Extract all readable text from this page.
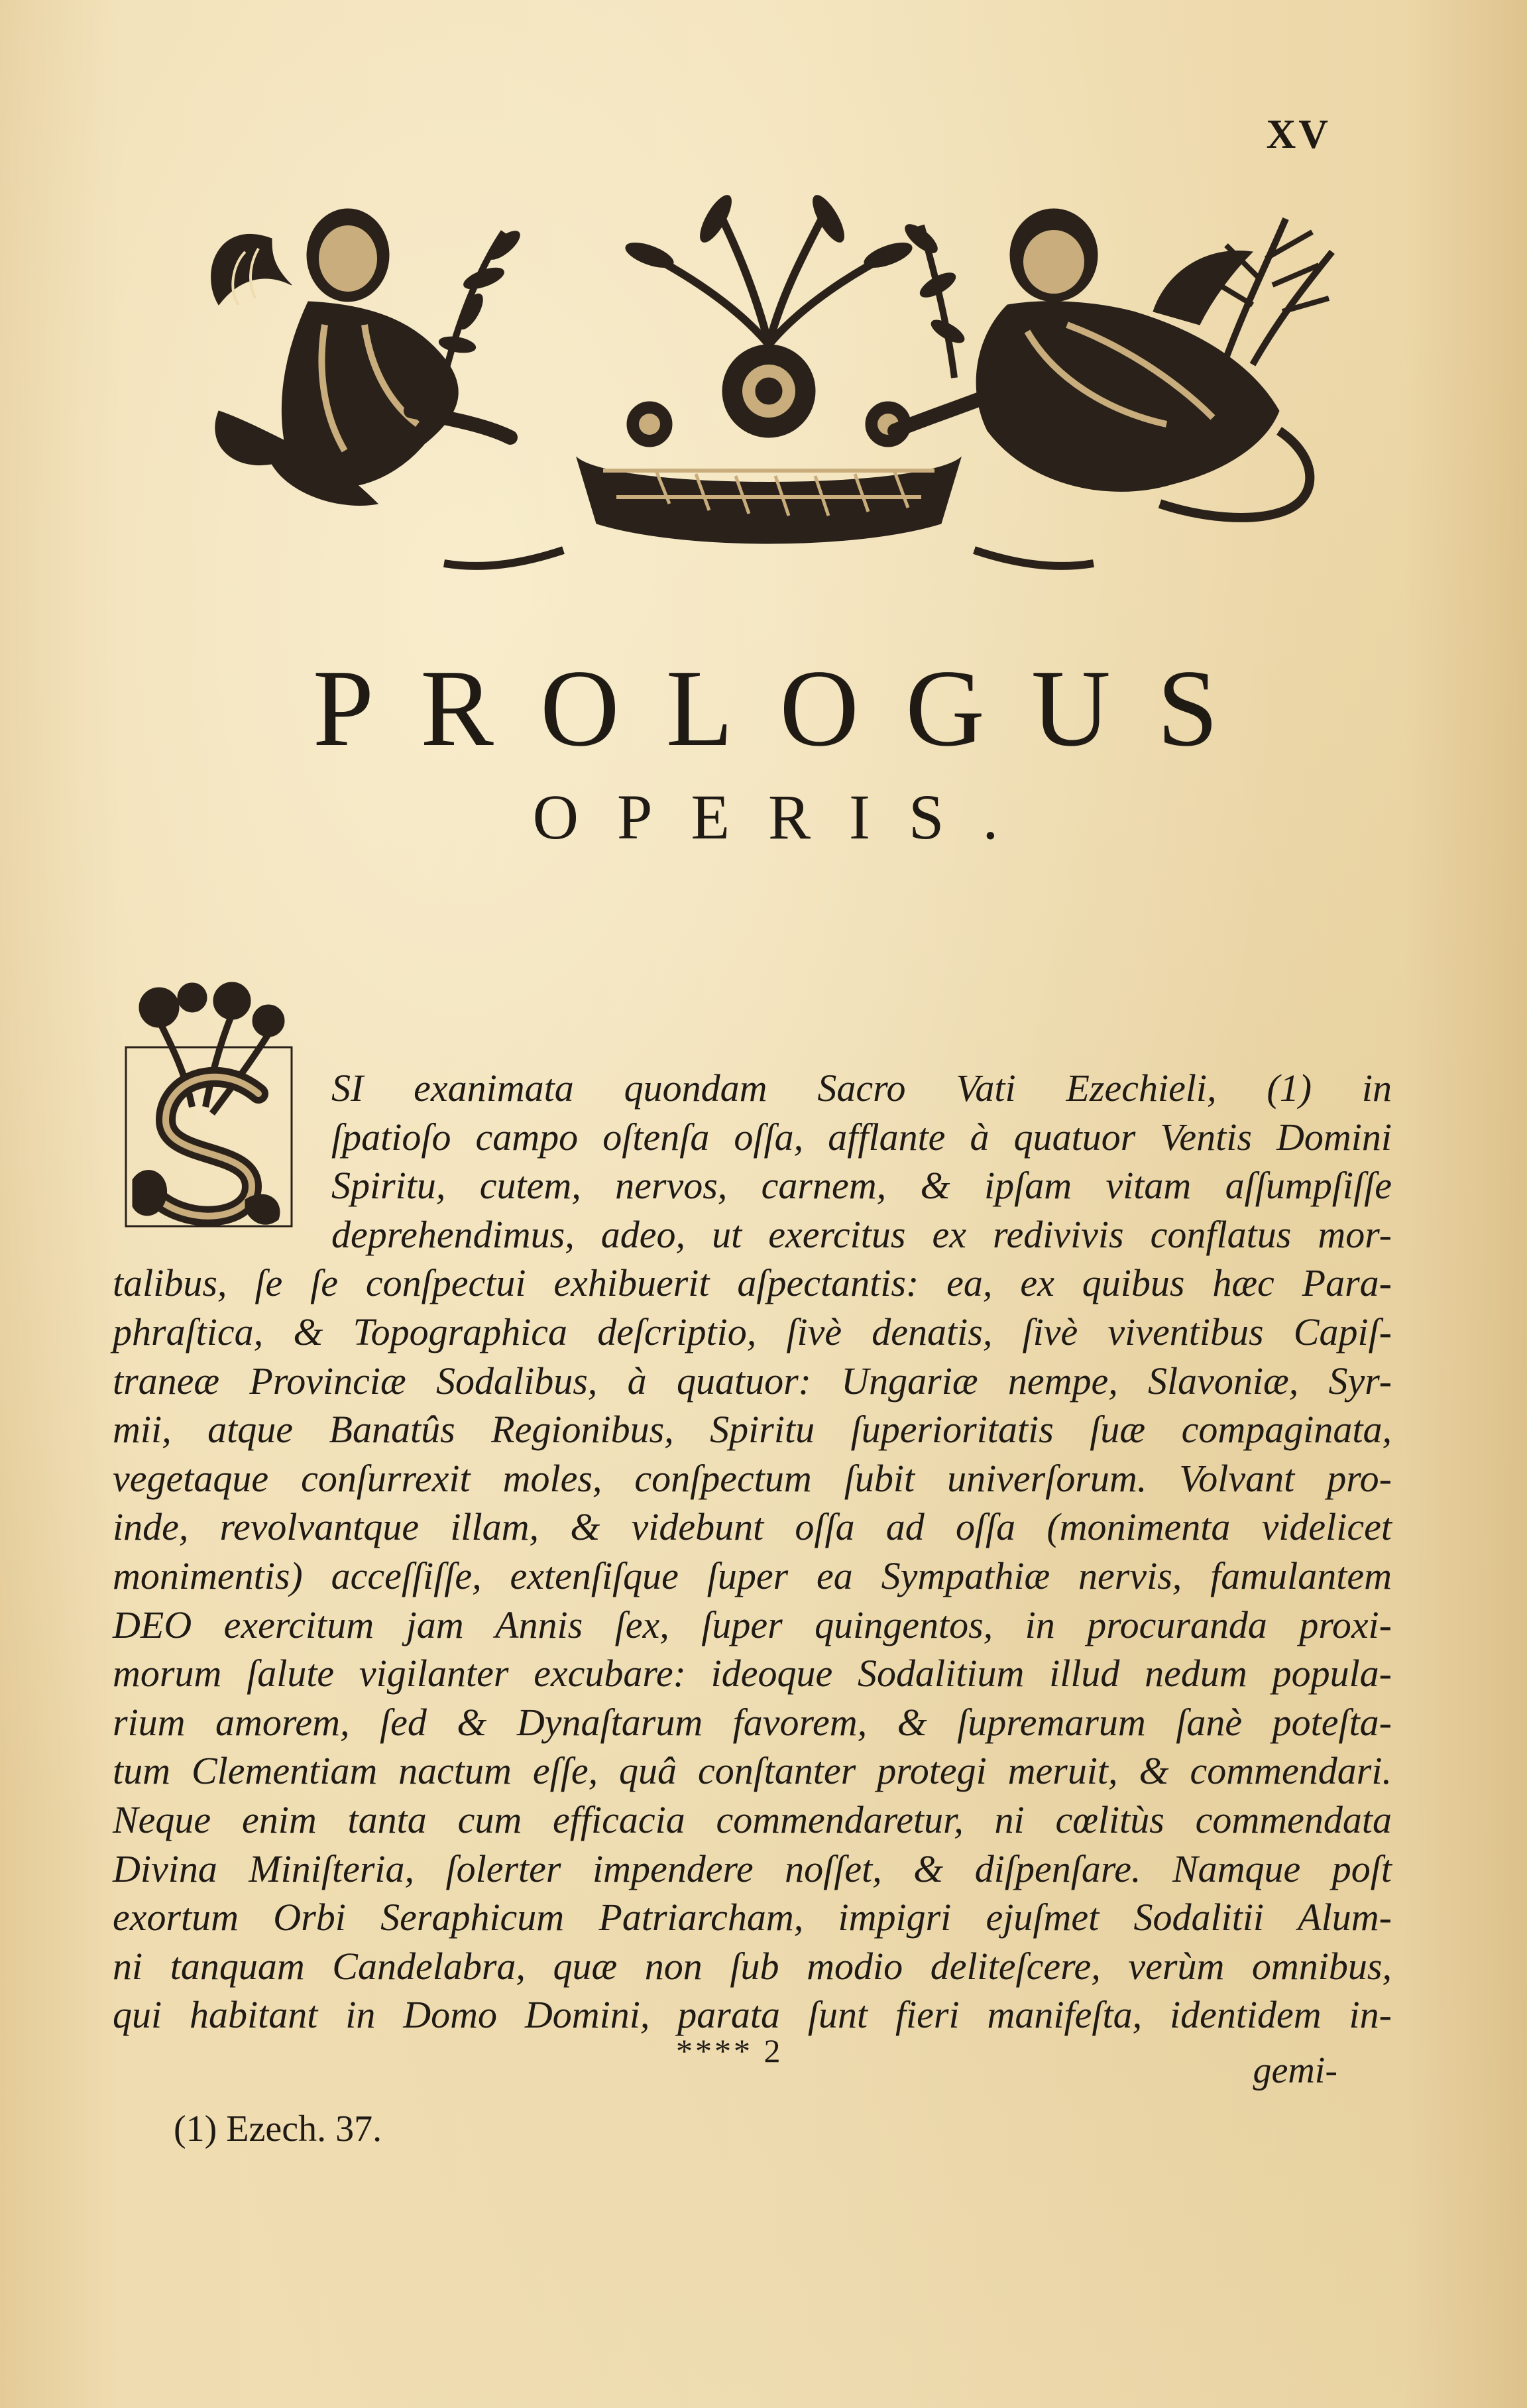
XV
PROLOGUS
OPERIS.
SI exanimata quondam Sacro Vati Ezechieli, (1) in
ſpatioſo campo oſtenſa oſſa, afflante à quatuor Ventis Domini
Spiritu, cutem, nervos, carnem, & ipſam vitam aſſumpſiſſe
deprehendimus, adeo, ut exercitus ex redivivis conflatus mor-
talibus, ſe ſe conſpectui exhibuerit aſpectantis: ea, ex quibus hæc Para-
phraſtica, & Topographica deſcriptio, ſivè denatis, ſivè viventibus Capiſ-
traneæ Provinciæ Sodalibus, à quatuor: Ungariæ nempe, Slavoniæ, Syr-
mii, atque Banatûs Regionibus, Spiritu ſuperioritatis ſuæ compaginata,
vegetaque conſurrexit moles, conſpectum ſubit univerſorum. Volvant pro-
inde, revolvantque illam, & videbunt oſſa ad oſſa (monimenta videlicet
monimentis) acceſſiſſe, extenſiſque ſuper ea Sympathiæ nervis, famulantem
DEO exercitum jam Annis ſex, ſuper quingentos, in procuranda proxi-
morum ſalute vigilanter excubare: ideoque Sodalitium illud nedum popula-
rium amorem, ſed & Dynaſtarum favorem, & ſupremarum ſanè poteſta-
tum Clementiam nactum eſſe, quâ conſtanter protegi meruit, & commendari.
Neque enim tanta cum efficacia commendaretur, ni cœlitùs commendata
Divina Miniſteria, ſolerter impendere noſſet, & diſpenſare. Namque poſt
exortum Orbi Seraphicum Patriarcham, impigri ejuſmet Sodalitii Alum-
ni tanquam Candelabra, quæ non ſub modio deliteſcere, verùm omnibus,
qui habitant in Domo Domini, parata ſunt fieri manifeſta, identidem in-
**** 2	gemi-
(1) Ezech. 37.
